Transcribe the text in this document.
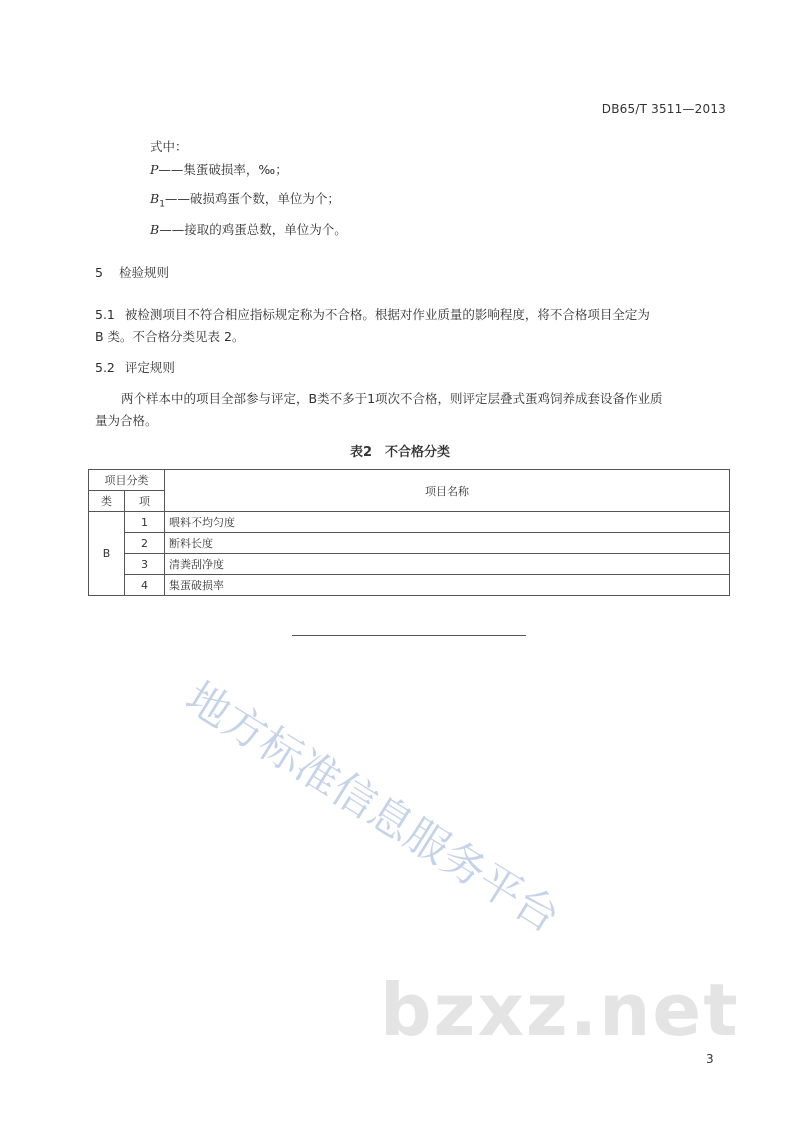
DB65/T 3511—2013
式中：
P——集蛋破损率，‰；
$B_1——$破损鸡蛋个数，单位为个；
B——接取的鸡蛋总数，单位为个。
5 检验规则
5.1 被检测项目不符合相应指标规定称为不合格。根据对作业质量的影响程度，将不合格项目全定为
B 类。不合格分类见表 2。
5.2 评定规则
两个样本中的项目全部参与评定，B类不多于1项次不合格，则评定层叠式蛋鸡饲养成套设备作业质
量为合格。
表2　不合格分类
项目分类		项目名称
类	项	
B	1	喂料不均匀度
	2	断料长度
	3	清粪刮净度
	4	集蛋破损率
地方标准信息服务平台
bzxz.net
3
